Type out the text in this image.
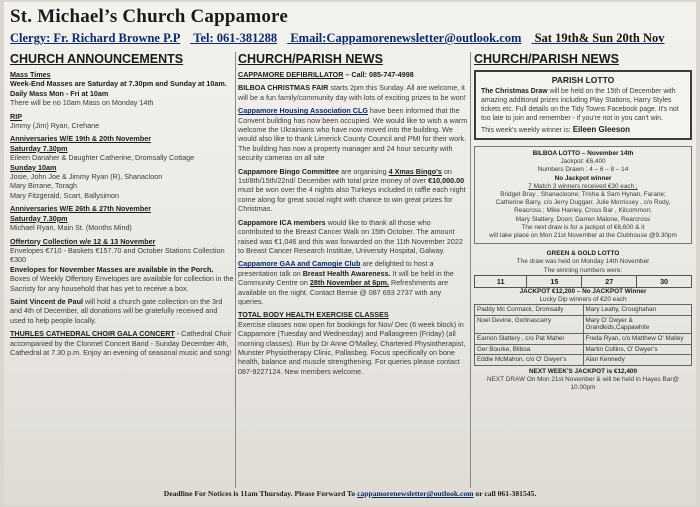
St. Michael’s Church Cappamore
Clergy: Fr. Richard Browne P.P Tel: 061-381288 Email:Cappamorenewsletter@outlook.com Sat 19th& Sun 20th Nov
CHURCH ANNOUNCEMENTS
Mass Times
Week-End Masses are Saturday at 7.30pm and Sunday at 10am.
Daily Mass Mon - Fri at 10am
There will be no 10am Mass on Monday 14th
RIP
Jimmy (Jim) Ryan, Crehane
Anniversaries W/E 19th & 20th November
Saturday 7.30pm
Eileen Danaher & Daughter Catherine, Dromsally Cottage
Sunday 10am
Josie, John Joe & Jimmy Ryan (R), Shanacloon
Mary Birrane, Toragh
Mary Fitzgerald, Scart, Ballysimon
Anniversaries W/E 26th & 27th November
Saturday 7.30pm
Michael Ryan, Main St. (Months Mind)
Offertory Collection w/e 12 & 13 November
Envelopes €710 - Baskets €157.70 and October Stations Collection €300
Envelopes for November Masses are available in the Porch.
Boxes of Weekly Offertory Envelopes are available for collection in the Sacristy for any household that has yet to receive a box.
Saint Vincent de Paul will hold a church gate collection on the 3rd and 4th of December, all donations will be gratefully received and used to help people locally.
THURLES CATHEDRAL CHOIR GALA CONCERT - Cathedral Choir accompanied by the Clonmel Concert Band - Sunday December 4th, Cathedral at 7.30 p.m. Enjoy an evening of seasonal music and song!
CHURCH/PARISH NEWS
CAPPAMORE DEFIBRILLATOR – Call: 085-747-4998
BILBOA CHRISTMAS FAIR starts 2pm this Sunday. All are welcome, it will be a fun family/community day with lots of exciting prizes to be won!
Cappamore Housing Association CLG have been informed that the Convent building has now been occupied. We would like to wish a warm welcome the Ukrainians who have now moved into the building. We would also like to thank Limerick County Council and PMI for their work. The building has now a property manager and 24 hour security with security cameras on all site
Cappamore Bingo Committee are organising 4 Xmas Bingo's on 1st/8th/15th/22nd/ December with total prize money of over €10,000.00 must be won over the 4 nights also Turkeys included in raffle each night come along for great social night with chance to win great prizes for Christmas.
Cappamore ICA members would like to thank all those who contributed to the Breast Cancer Walk on 15th October. The amount raised was €1,046 and this was forwarded on the 11th November 2022 to Breast Cancer Research Institute, University Hospital, Galway.
Cappamore GAA and Camogie Club are delighted to host a presentation talk on Breast Health Awareness. It will be held in the Community Centre on 28th November at 6pm. Refreshments are available on the night. Contact Bernie @ 087 693 2737 with any queries.
TOTAL BODY HEALTH EXERCISE CLASSES
Exercise classes now open for bookings for Nov/ Dec (6 week block) in Cappamore (Tuesday and Wednesday) and Pallasgreen (Friday) (all morning classes). Run by Dr Anne O'Malley, Chartered Physiotherapist, Munster Physiotherapy Clinic, Pallasbeg. Focus specifically on bone health, balance and muscle strengthening. For queries please contact 087-9227124. New members welcome.
CHURCH/PARISH NEWS
PARISH LOTTO
The Christmas Draw will be held on the 15th of December with amazing additional prizes including Play Stations, Harry Styles tickets etc. Full details on the Tidy Towns Facebook page. It's not too late to join and remember - if you're not in you can't win.
This week's weekly winner is: Eileen Gleeson
BILBOA LOTTO – November 14th
Jackpot: €6,400
Numbers Drawn : 4 – 6 – 8 – 14
No Jackpot winner
7 Match 3 winners received €30 each ;
Bridget Bray , Shanacloone; Trisha & Sam Hynan, Farane;
Catherine Barry, c/o Jerry Duggan; Julie Morrissey , c/o Rody,
Reacross ; Mike Hanley, Cross Bar , Kilcommon;
Mary Slattery, Doon; Darren Malone, Rearcross
The next draw is for a jackpot of €6,600 & it
will take place on Mon 21st November at the Clubhouse @9.30pm
GREEN & GOLD LOTTO
The draw was held on Monday 14th November
The winning numbers were:
11	15	27	30
JACKPOT €12,200 – No JACKPOT Winner
Lucky Dip winners of €20 each
Paddy Mc Cormack, Dromsally	Mary Leahy, Croughahan
Noel Devine, Gortnascarry	Mary O’ Dwyer & Grandkids,Cappawhite
Eamon Slattery , c/o Pat Maher	Freda Ryan, c/o Matthew O’ Malley
Ger Bourke, Bilboa	Martin Collins, O’ Dwyer’s
Eddie McMahon, c/o O’ Dwyer’s	Alan Kennedy
NEXT WEEK'S JACKPOT is €12,400
NEXT DRAW On Mon 21st November & will be held in Hayes Bar@ 10.00pm
Deadline For Notices is 11am Thursday. Please Forward To cappamorenewsletter@outlook.com or call 061-381545.
